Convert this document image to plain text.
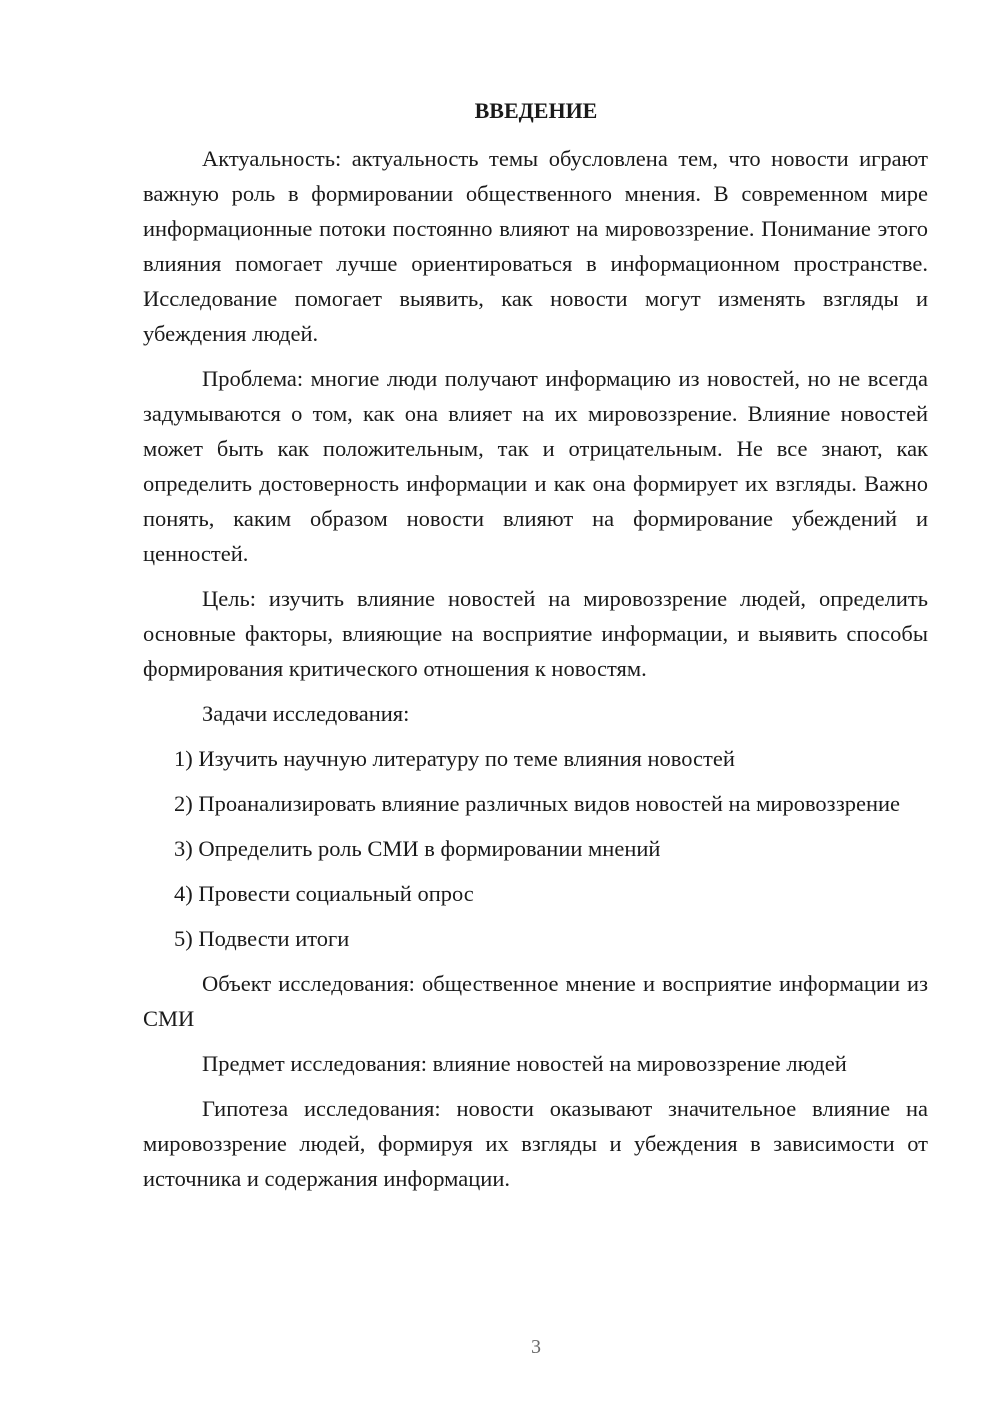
ВВЕДЕНИЕ

Актуальность: актуальность темы обусловлена тем, что новости играют важную роль в формировании общественного мнения. В современном мире информационные потоки постоянно влияют на мировоззрение. Понимание этого влияния помогает лучше ориентироваться в информационном пространстве. Исследование помогает выявить, как новости могут изменять взгляды и убеждения людей.

Проблема: многие люди получают информацию из новостей, но не всегда задумываются о том, как она влияет на их мировоззрение. Влияние новостей может быть как положительным, так и отрицательным. Не все знают, как определить достоверность информации и как она формирует их взгляды. Важно понять, каким образом новости влияют на формирование убеждений и ценностей.

Цель: изучить влияние новостей на мировоззрение людей, определить основные факторы, влияющие на восприятие информации, и выявить способы формирования критического отношения к новостям.

Задачи исследования:

1) Изучить научную литературу по теме влияния новостей

2) Проанализировать влияние различных видов новостей на мировоззрение

3) Определить роль СМИ в формировании мнений

4) Провести социальный опрос

5) Подвести итоги

Объект исследования: общественное мнение и восприятие информации из СМИ

Предмет исследования: влияние новостей на мировоззрение людей

Гипотеза исследования: новости оказывают значительное влияние на мировоззрение людей, формируя их взгляды и убеждения в зависимости от источника и содержания информации.

3
